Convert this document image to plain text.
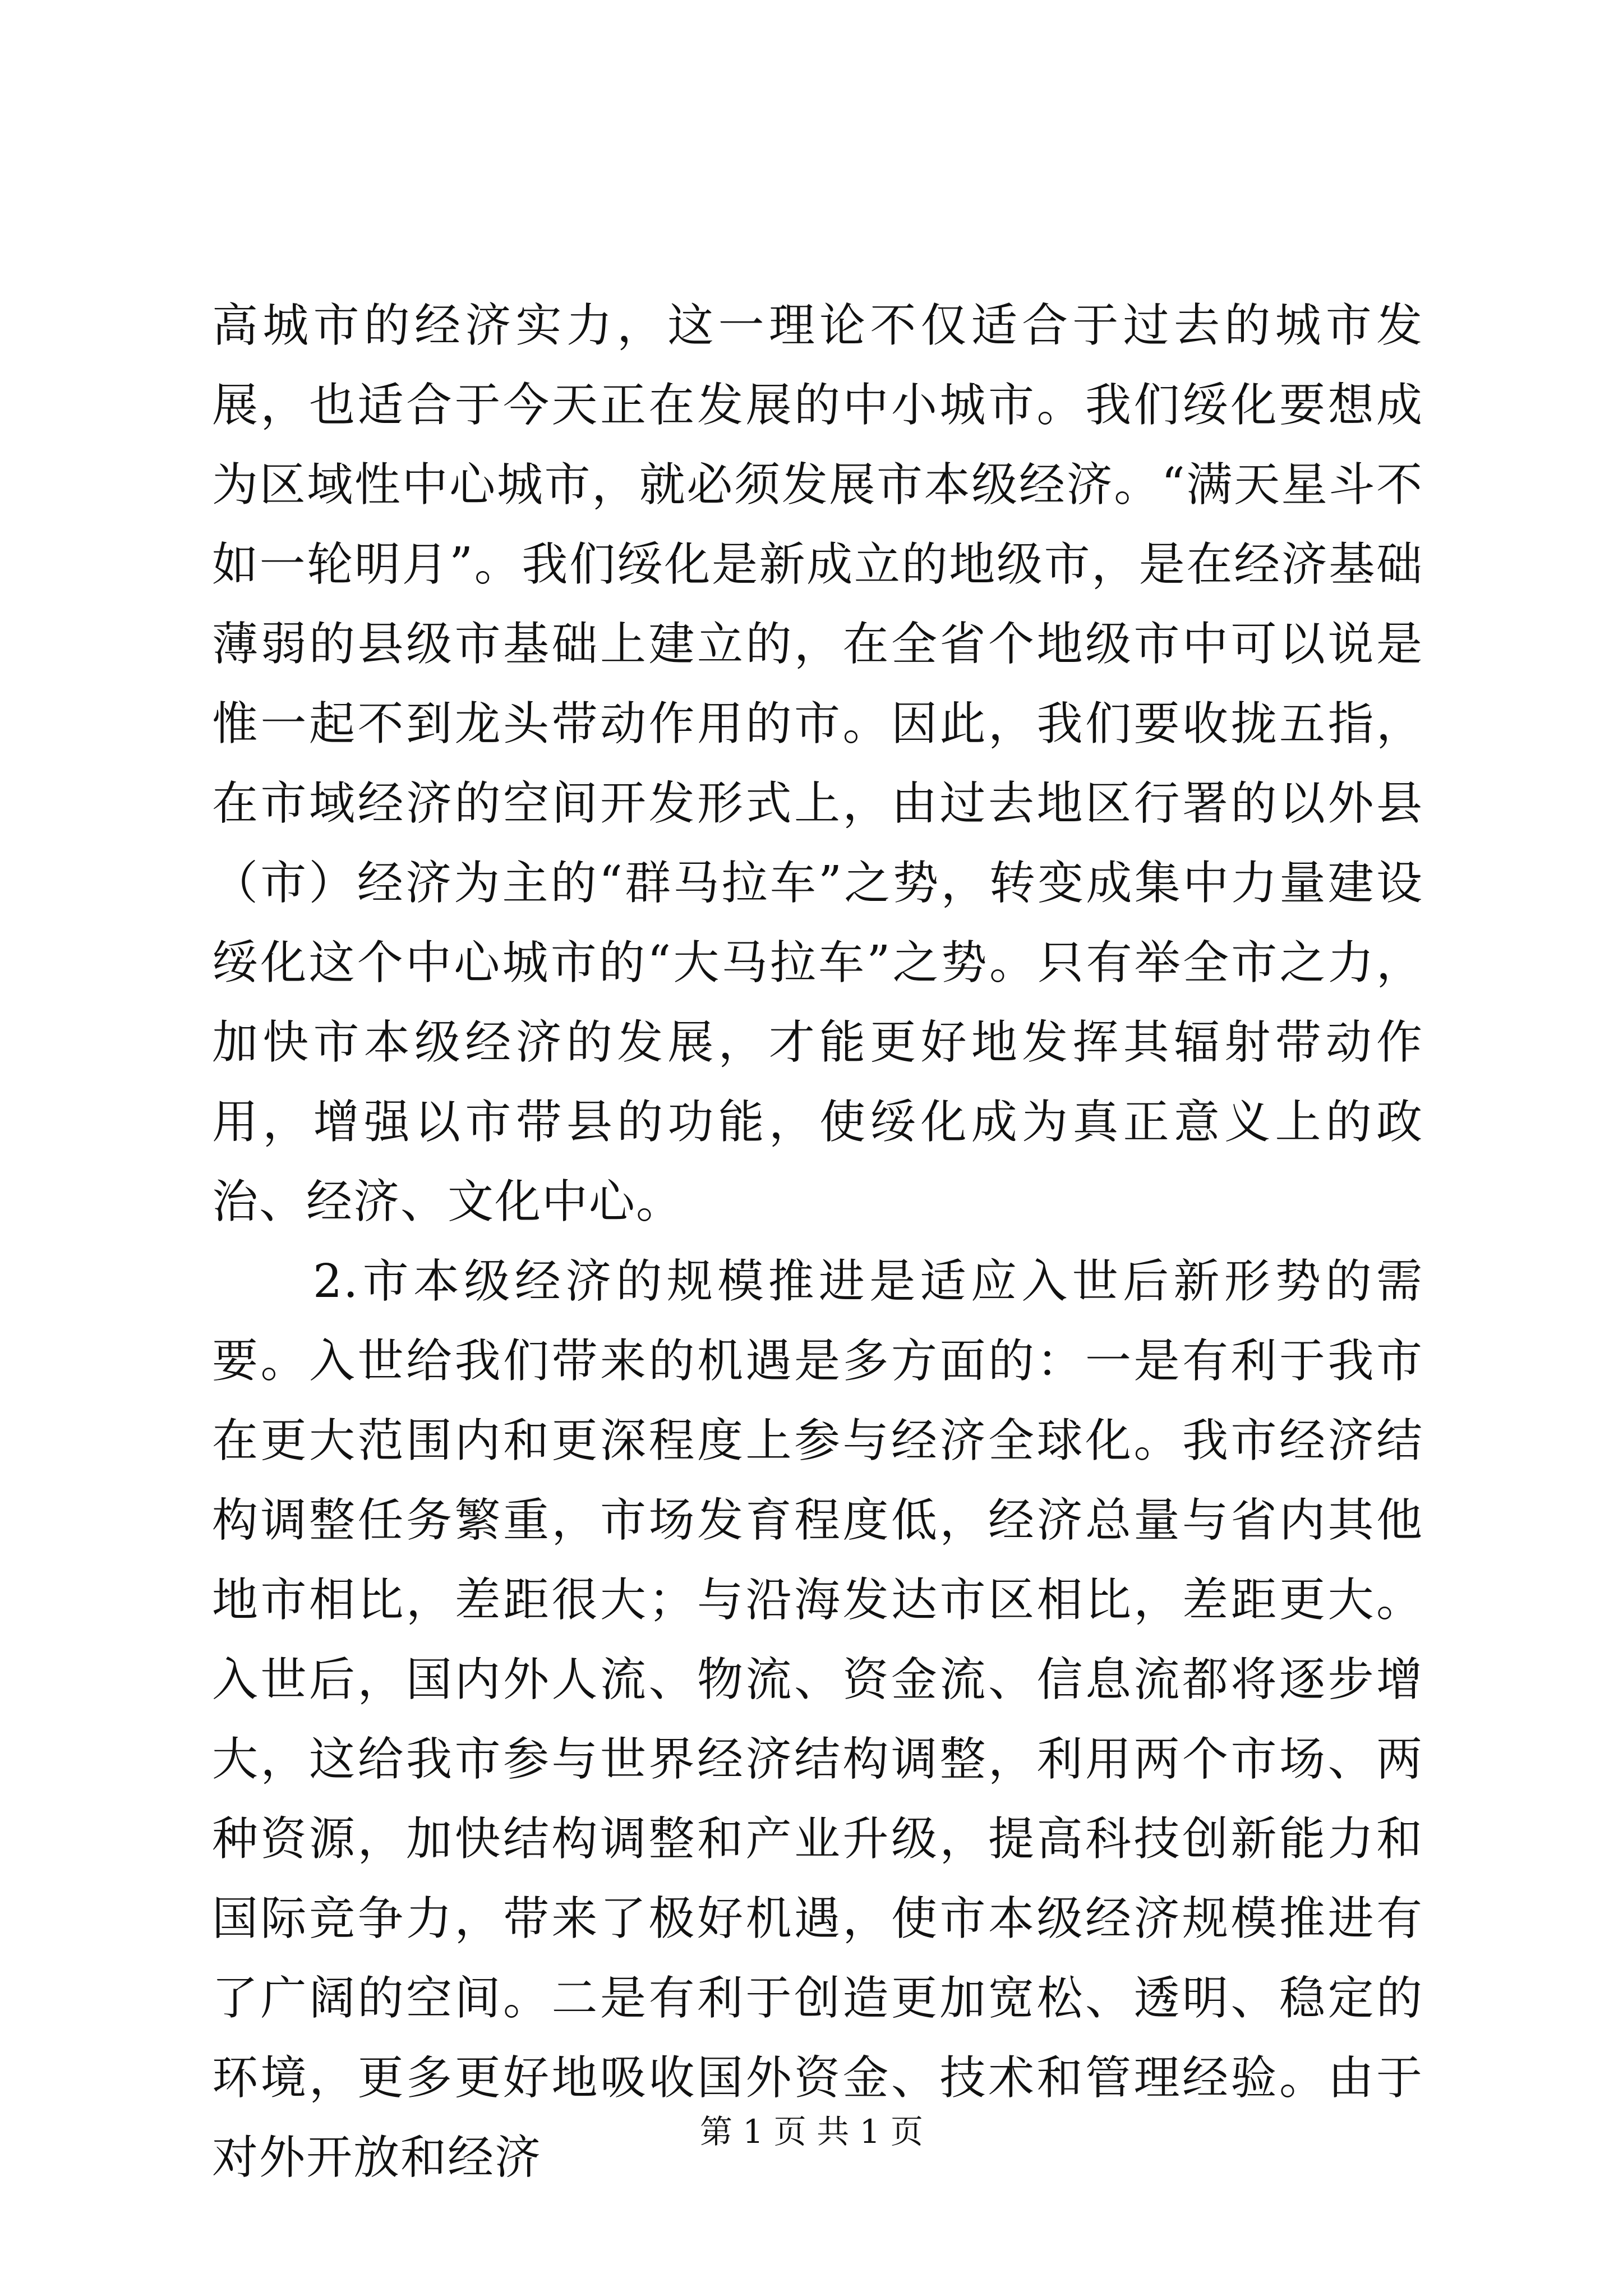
高城市的经济实力，这一理论不仅适合于过去的城市发展，也适合于今天正在发展的中小城市。我们绥化要想成为区域性中心城市，就必须发展市本级经济。“满天星斗不如一轮明月”。我们绥化是新成立的地级市，是在经济基础薄弱的县级市基础上建立的，在全省个地级市中可以说是惟一起不到龙头带动作用的市。因此，我们要收拢五指，在市域经济的空间开发形式上，由过去地区行署的以外县（市）经济为主的“群马拉车”之势，转变成集中力量建设绥化这个中心城市的“大马拉车”之势。只有举全市之力，加快市本级经济的发展，才能更好地发挥其辐射带动作用，增强以市带县的功能，使绥化成为真正意义上的政治、经济、文化中心。

2.市本级经济的规模推进是适应入世后新形势的需要。入世给我们带来的机遇是多方面的：一是有利于我市在更大范围内和更深程度上参与经济全球化。我市经济结构调整任务繁重，市场发育程度低，经济总量与省内其他地市相比，差距很大；与沿海发达市区相比，差距更大。入世后，国内外人流、物流、资金流、信息流都将逐步增大，这给我市参与世界经济结构调整，利用两个市场、两种资源，加快结构调整和产业升级，提高科技创新能力和国际竞争力，带来了极好机遇，使市本级经济规模推进有了广阔的空间。二是有利于创造更加宽松、透明、稳定的环境，更多更好地吸收国外资金、技术和管理经验。由于对外开放和经济	第 1 页 共 1 页
